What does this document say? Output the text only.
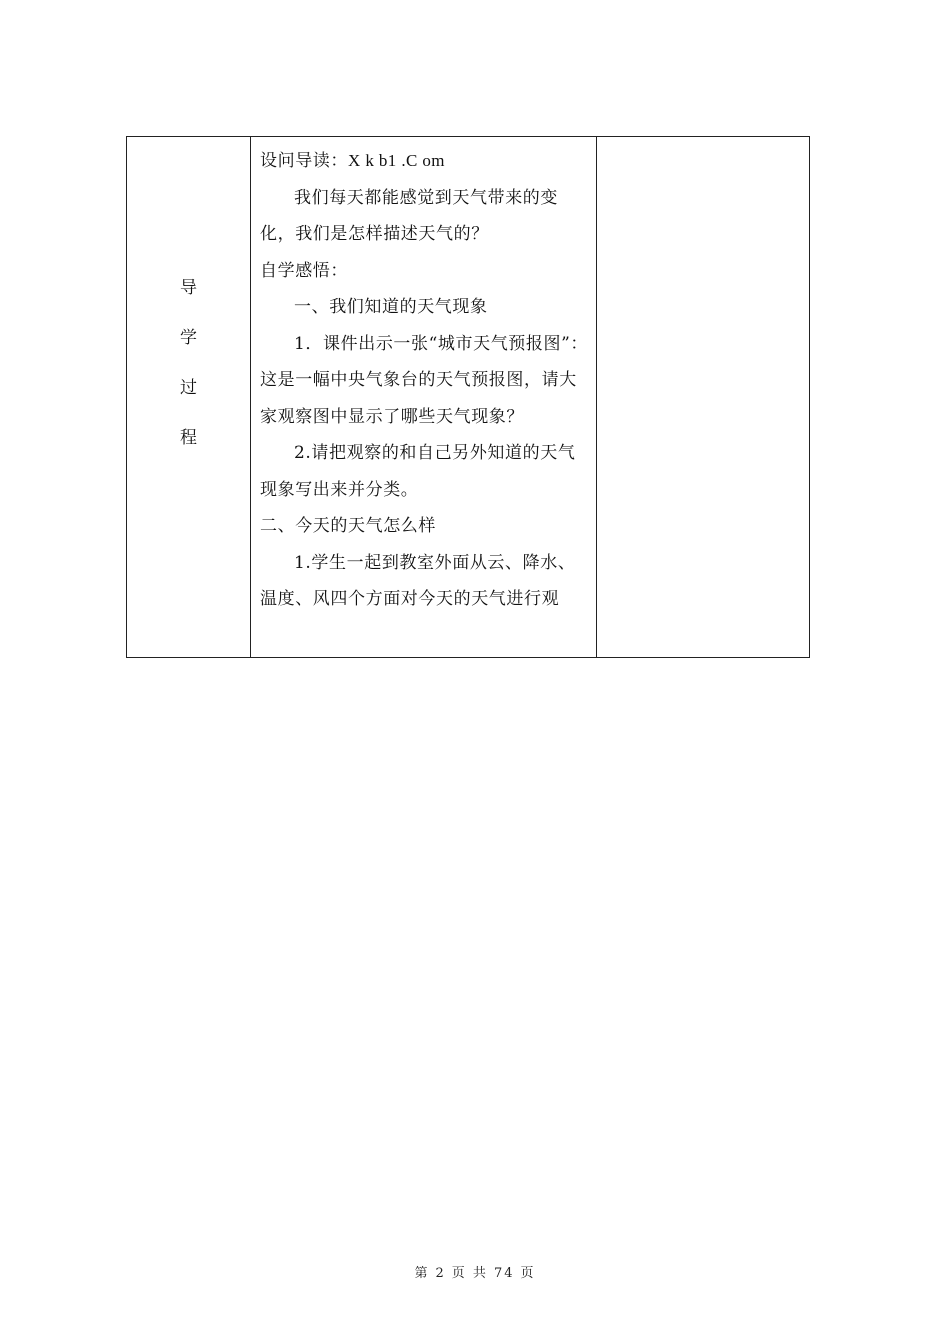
导
学
过
程

设问导读：X k b1 .C om

我们每天都能感觉到天气带来的变化，我们是怎样描述天气的？

自学感悟：

一、我们知道的天气现象

1．课件出示一张“城市天气预报图”：这是一幅中央气象台的天气预报图，请大家观察图中显示了哪些天气现象？

2.请把观察的和自己另外知道的天气现象写出来并分类。

二、今天的天气怎么样

1.学生一起到教室外面从云、降水、温度、风四个方面对今天的天气进行观

第 2 页 共 74 页
